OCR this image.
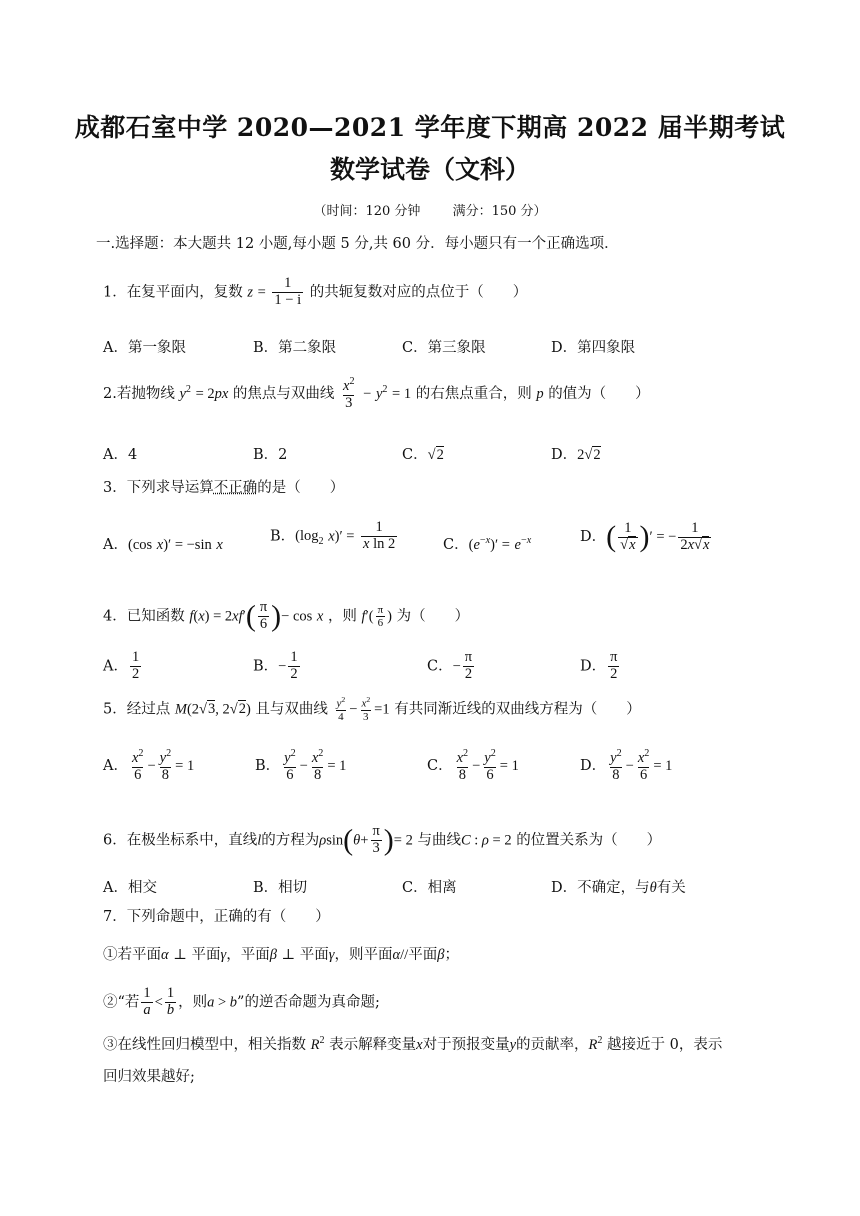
成都石室中学 2020—2021 学年度下期高 2022 届半期考试
数学试卷（文科）
（时间：120 分钟 满分：150 分）
一.选择题：本大题共 12 小题,每小题 5 分,共 60 分．每小题只有一个正确选项．
1．在复平面内，复数 $z = \frac{1}{1 - i}$ 的共轭复数对应的点位于（　　）
A．第一象限	B．第二象限	C．第三象限	D．第四象限
2.若抛物线 $y^2 = 2px$ 的焦点与双曲线 $\frac{x^2}{3} - y^2 = 1$ 的右焦点重合，则 p 的值为（　　）
A．4	B．2	C．√2	D．2√2
3．下列求导运算不正确的是（　　）
A．(cos x)′ = −sin x
B．($\log_2$ $x)' = \frac{1}{\text{x ln 2}}$	C．$(e^{-x})' = e^{-x}$	D．( $\frac{1}{√x}$ )′ = − $\frac{1}{2x√x}$
4．已知函数 $f(x) = 2xf'( \frac{\pi}{6}$ )− cos x ，则 $f'( \frac{\pi}{6}$ ) 为（　　）
A． $\frac{1}{2}$	B．− $\frac{1}{2}$	C．− $\frac{\pi}{2}$	D． $\frac{\pi}{2}$
5．经过点 M(2√3, 2√2) 且与双曲线 $\frac{y^2}{4} - \frac{x^2}{3} =1$ 有共同渐近线的双曲线方程为（　　）
A． $\frac{x^2}{6} - \frac{y^2}{8} = 1$	B． $\frac{y^2}{6} - \frac{x^2}{8} = 1$	C． $\frac{x^2}{8} - \frac{y^2}{6} = 1$	D． $\frac{y^2}{8} - \frac{x^2}{6} = 1$
6．在极坐标系中，直线l的方程为$\rho\sin(\theta+ \frac{\pi}{3}$ )= 2 与曲线C : ρ = 2 的位置关系为（　　）
A．相交	B．相切	C．相离	D．不确定，与θ有关
7．下列命题中，正确的有（　　）
①若平面α ⊥ 平面γ，平面β ⊥ 平面γ，则平面α//平面β；
②“若 $\frac{1}{a} < \frac{1}{b}$ ，则a > b”的逆否命题为真命题;
③在线性回归模型中，相关指数 $R^2$ 表示解释变量x对于预报变量y的贡献率，$R^2$ 越接近于 0，表示
回归效果越好;
